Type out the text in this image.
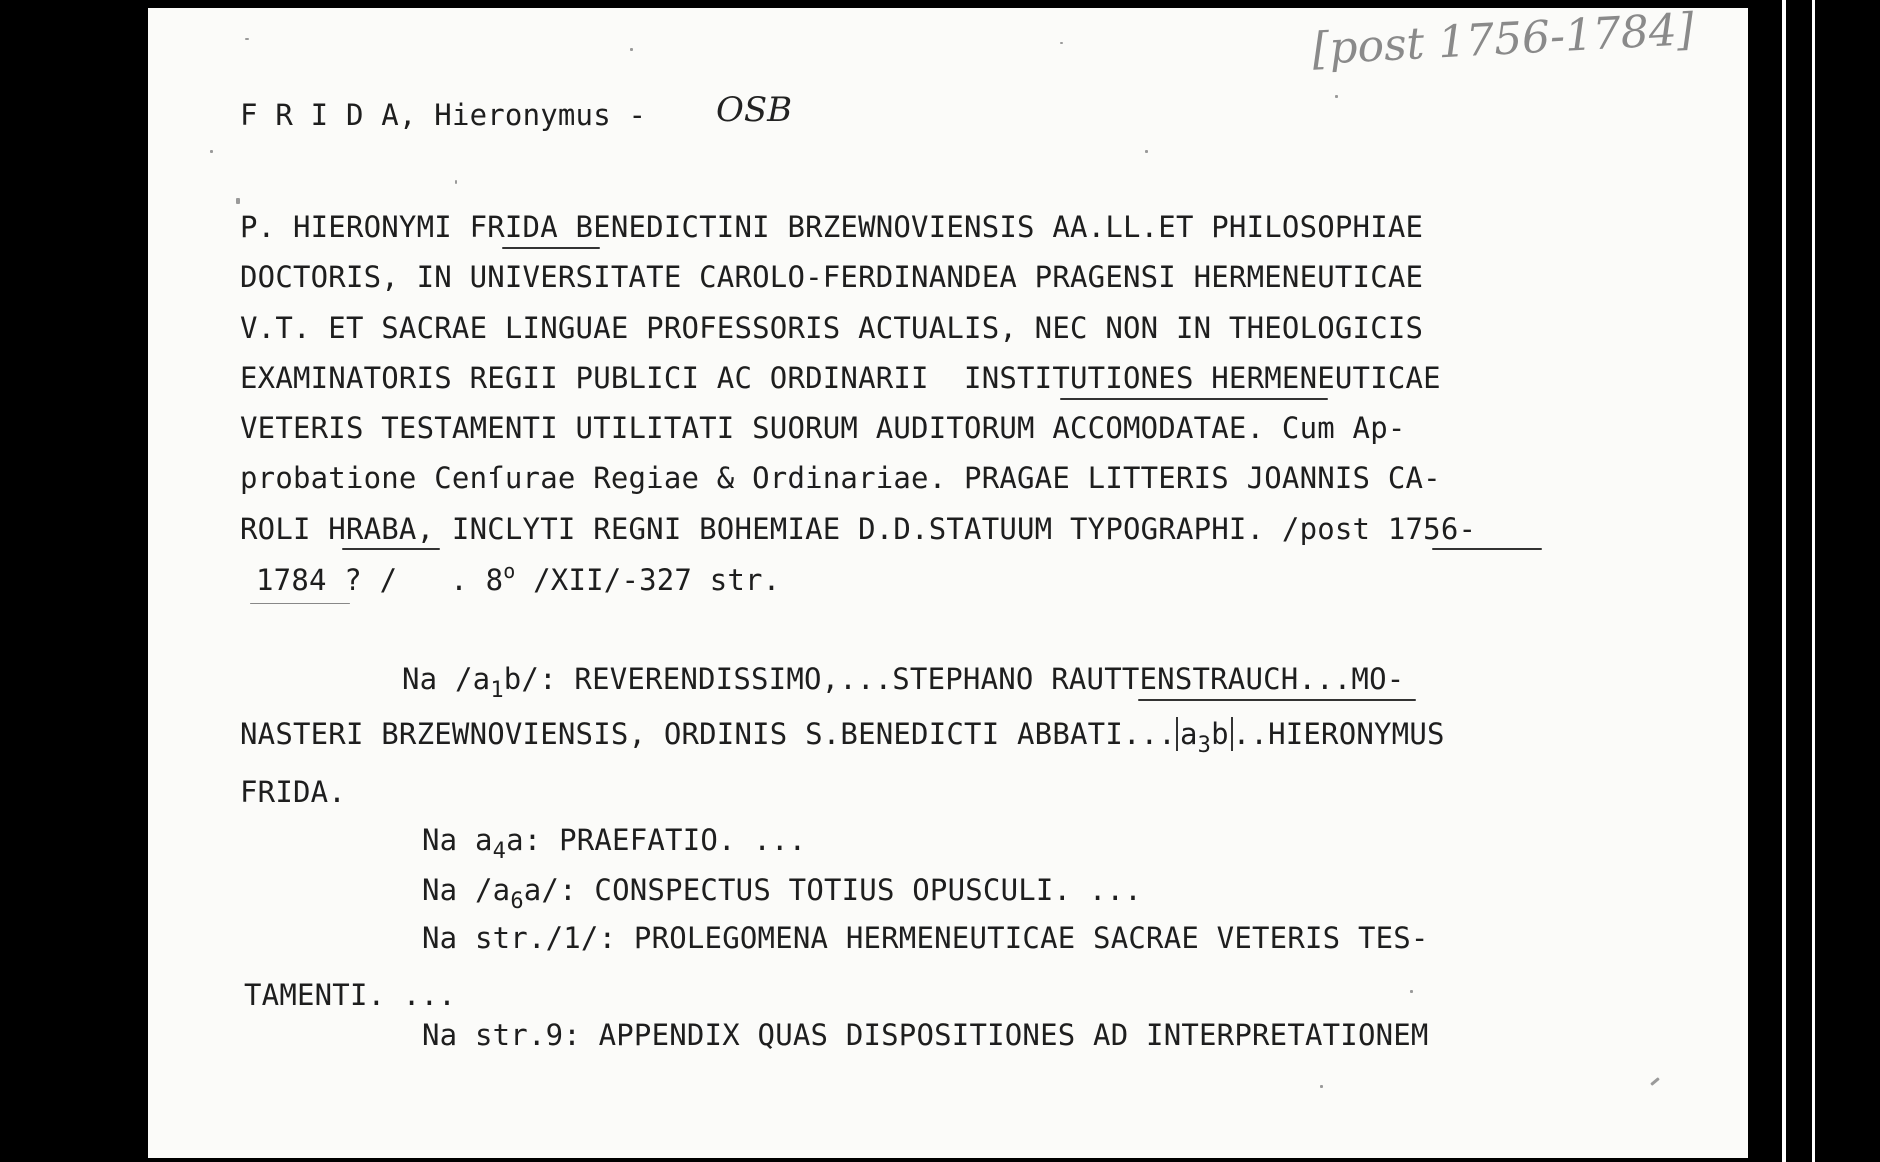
[post 1756-1784]
F R I D A, Hieronymus - OSB
P. HIERONYMI FRIDA BENEDICTINI BRZEWNOVIENSIS AA.LL.ET PHILOSOPHIAE
DOCTORIS, IN UNIVERSITATE CAROLO-FERDINANDEA PRAGENSI HERMENEUTICAE
V.T. ET SACRAE LINGUAE PROFESSORIS ACTUALIS, NEC NON IN THEOLOGICIS
EXAMINATORIS REGII PUBLICI AC ORDINARII  INSTITUTIONES HERMENEUTICAE
VETERIS TESTAMENTI UTILITATI SUORUM AUDITORUM ACCOMODATAE. Cum Ap-
probatione Cenſurae Regiae & Ordinariae. PRAGAE LITTERIS JOANNIS CA-
ROLI HRABA, INCLYTI REGNI BOHEMIAE D.D.STATUUM TYPOGRAPHI. /post 1756-
1784 ? /   . 8$^o$ /XII/-327 str.
Na $/a_1b/$: REVERENDISSIMO,...STEPHANO RAUTTENSTRAUCH...MO-
NASTERI BRZEWNOVIENSIS, ORDINIS S.BENEDICTI ABBATI... $a_3b$ ..HIERONYMUS
FRIDA.
Na $a_4a$: PRAEFATIO. ...
Na $/a_6a/$: CONSPECTUS TOTIUS OPUSCULI. ...
Na str./1/: PROLEGOMENA HERMENEUTICAE SACRAE VETERIS TES-
TAMENTI. ...
Na str.9: APPENDIX QUAS DISPOSITIONES AD INTERPRETATIONEM
